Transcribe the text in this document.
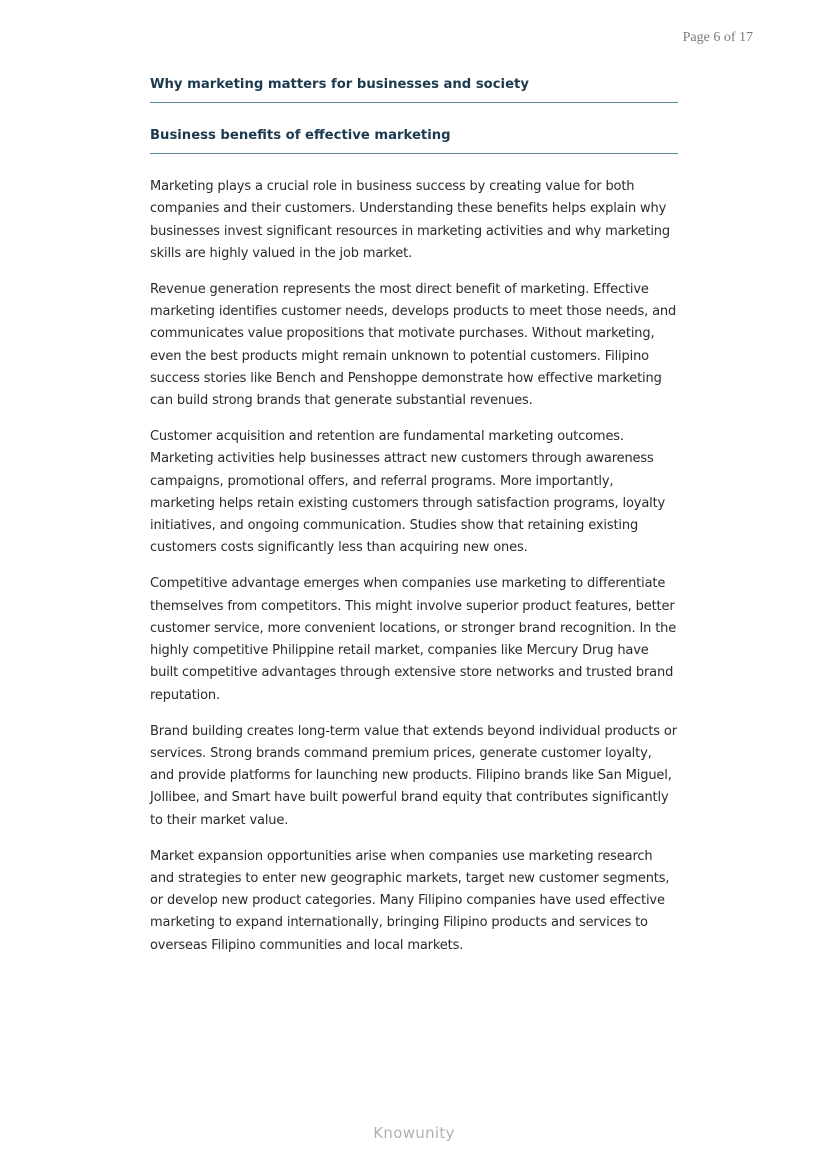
Page 6 of 17

Why marketing matters for businesses and society
Business benefits of effective marketing

Marketing plays a crucial role in business success by creating value for both companies and their customers. Understanding these benefits helps explain why businesses invest significant resources in marketing activities and why marketing skills are highly valued in the job market.

Revenue generation represents the most direct benefit of marketing. Effective marketing identifies customer needs, develops products to meet those needs, and communicates value propositions that motivate purchases. Without marketing, even the best products might remain unknown to potential customers. Filipino success stories like Bench and Penshoppe demonstrate how effective marketing can build strong brands that generate substantial revenues.

Customer acquisition and retention are fundamental marketing outcomes. Marketing activities help businesses attract new customers through awareness campaigns, promotional offers, and referral programs. More importantly, marketing helps retain existing customers through satisfaction programs, loyalty initiatives, and ongoing communication. Studies show that retaining existing customers costs significantly less than acquiring new ones.

Competitive advantage emerges when companies use marketing to differentiate themselves from competitors. This might involve superior product features, better customer service, more convenient locations, or stronger brand recognition. In the highly competitive Philippine retail market, companies like Mercury Drug have built competitive advantages through extensive store networks and trusted brand reputation.

Brand building creates long-term value that extends beyond individual products or services. Strong brands command premium prices, generate customer loyalty, and provide platforms for launching new products. Filipino brands like San Miguel, Jollibee, and Smart have built powerful brand equity that contributes significantly to their market value.

Market expansion opportunities arise when companies use marketing research and strategies to enter new geographic markets, target new customer segments, or develop new product categories. Many Filipino companies have used effective marketing to expand internationally, bringing Filipino products and services to overseas Filipino communities and local markets.

Knowunity
